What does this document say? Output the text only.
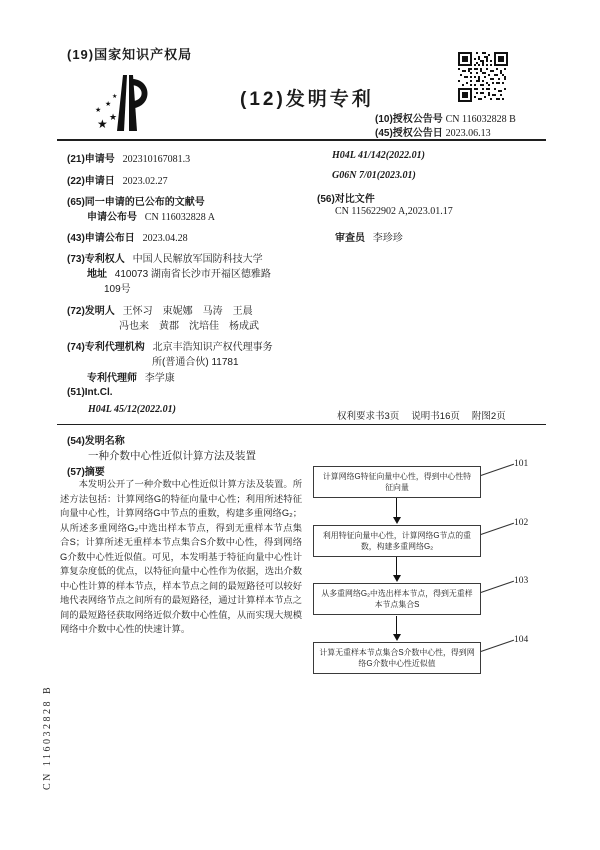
(19)国家知识产权局
★ ★
★
★
★	(12)发明专利
(10)授权公告号 CN 116032828 B
(45)授权公告日 2023.06.13
(21)申请号 202310167081.3
(22)申请日 2023.02.27
(65)同一申请的已公布的文献号
申请公布号 CN 116032828 A
(43)申请公布日 2023.04.28
(73)专利权人 中国人民解放军国防科技大学
地址 410073 湖南省长沙市开福区德雅路
109号
(72)发明人 王怀习　束妮娜　马涛　王晨
冯也来　黄郡　沈培佳　杨成武
(74)专利代理机构 北京丰浩知识产权代理事务
所(普通合伙) 11781
专利代理师 李学康
(51)Int.Cl.
H04L 45/12(2022.01)
H04L 41/142(2022.01)
G06N 7/01(2023.01)
(56)对比文件
CN 115622902 A,2023.01.17
审查员 李珍珍
权利要求书3页 说明书16页 附图2页
(54)发明名称
一种介数中心性近似计算方法及装置
(57)摘要
本发明公开了一种介数中心性近似计算方法及装置。所述方法包括：计算网络G的特征向量中心性；利用所述特征向量中心性，计算网络G中节点的重数，构建多重网络G₂；从所述多重网络G₂中选出样本节点，得到无重样本节点集合S；计算所述无重样本节点集合S介数中心性，得到网络G介数中心性近似值。可见，本发明基于特征向量中心性计算复杂度低的优点，以特征向量中心性作为依据，选出介数中心性计算的样本节点，样本节点之间的最短路径可以较好地代表网络节点之间所有的最短路径，通过计算样本节点之间的最短路径获取网络近似介数中心性值，从而实现大规模网络中介数中心性的快速计算。
计算网络G特征向量中心性，得到中心性特征向量
101
利用特征向量中心性，计算网络G节点的重数，构建多重网络G₂
102
从多重网络G₂中选出样本节点，得到无重样本节点集合S
103
计算无重样本节点集合S介数中心性，得到网络G介数中心性近似值
104
CN 116032828 B
